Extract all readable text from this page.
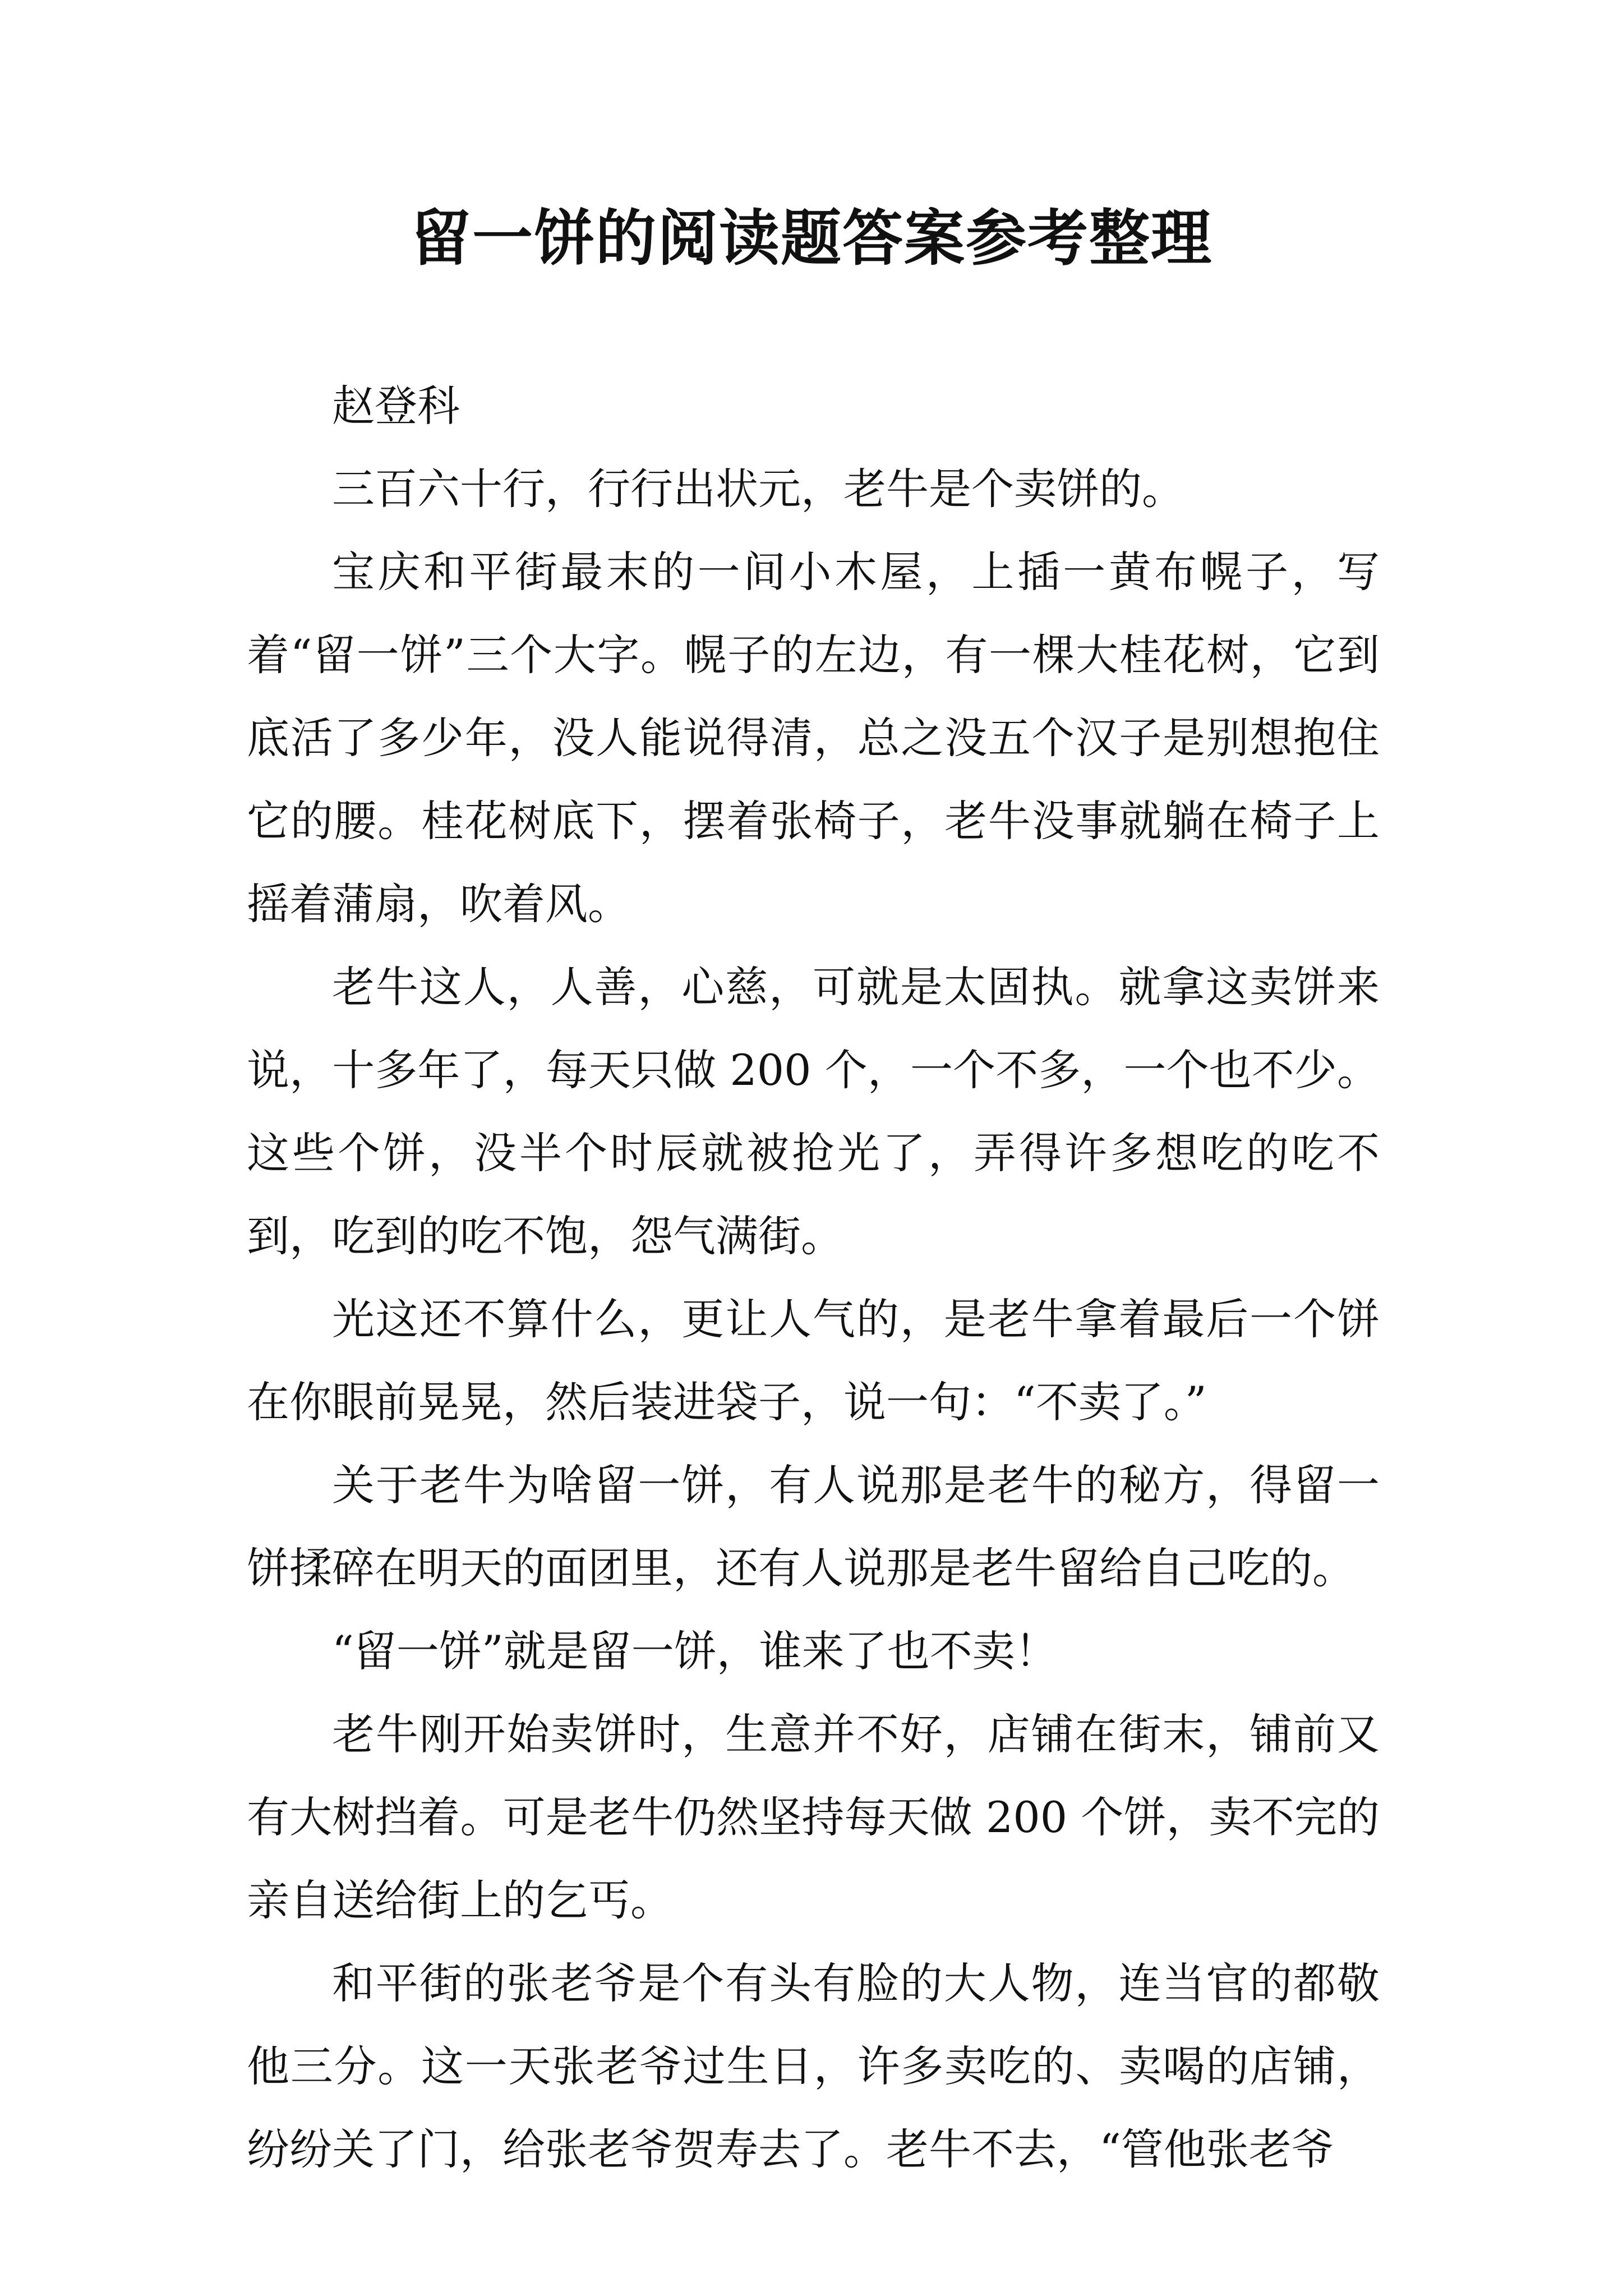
留一饼的阅读题答案参考整理

赵登科

三百六十行，行行出状元，老牛是个卖饼的。

宝庆和平街最末的一间小木屋，上插一黄布幌子，写着“留一饼”三个大字。幌子的左边，有一棵大桂花树，它到底活了多少年，没人能说得清，总之没五个汉子是别想抱住它的腰。桂花树底下，摆着张椅子，老牛没事就躺在椅子上摇着蒲扇，吹着风。

老牛这人，人善，心慈，可就是太固执。就拿这卖饼来说，十多年了，每天只做 200 个，一个不多，一个也不少。这些个饼，没半个时辰就被抢光了，弄得许多想吃的吃不到，吃到的吃不饱，怨气满街。

光这还不算什么，更让人气的，是老牛拿着最后一个饼在你眼前晃晃，然后装进袋子，说一句：“不卖了。”

关于老牛为啥留一饼，有人说那是老牛的秘方，得留一饼揉碎在明天的面团里，还有人说那是老牛留给自己吃的。

“留一饼”就是留一饼，谁来了也不卖！

老牛刚开始卖饼时，生意并不好，店铺在街末，铺前又有大树挡着。可是老牛仍然坚持每天做 200 个饼，卖不完的亲自送给街上的乞丐。

和平街的张老爷是个有头有脸的大人物，连当官的都敬他三分。这一天张老爷过生日，许多卖吃的、卖喝的店铺，纷纷关了门，给张老爷贺寿去了。老牛不去，“管他张老爷
